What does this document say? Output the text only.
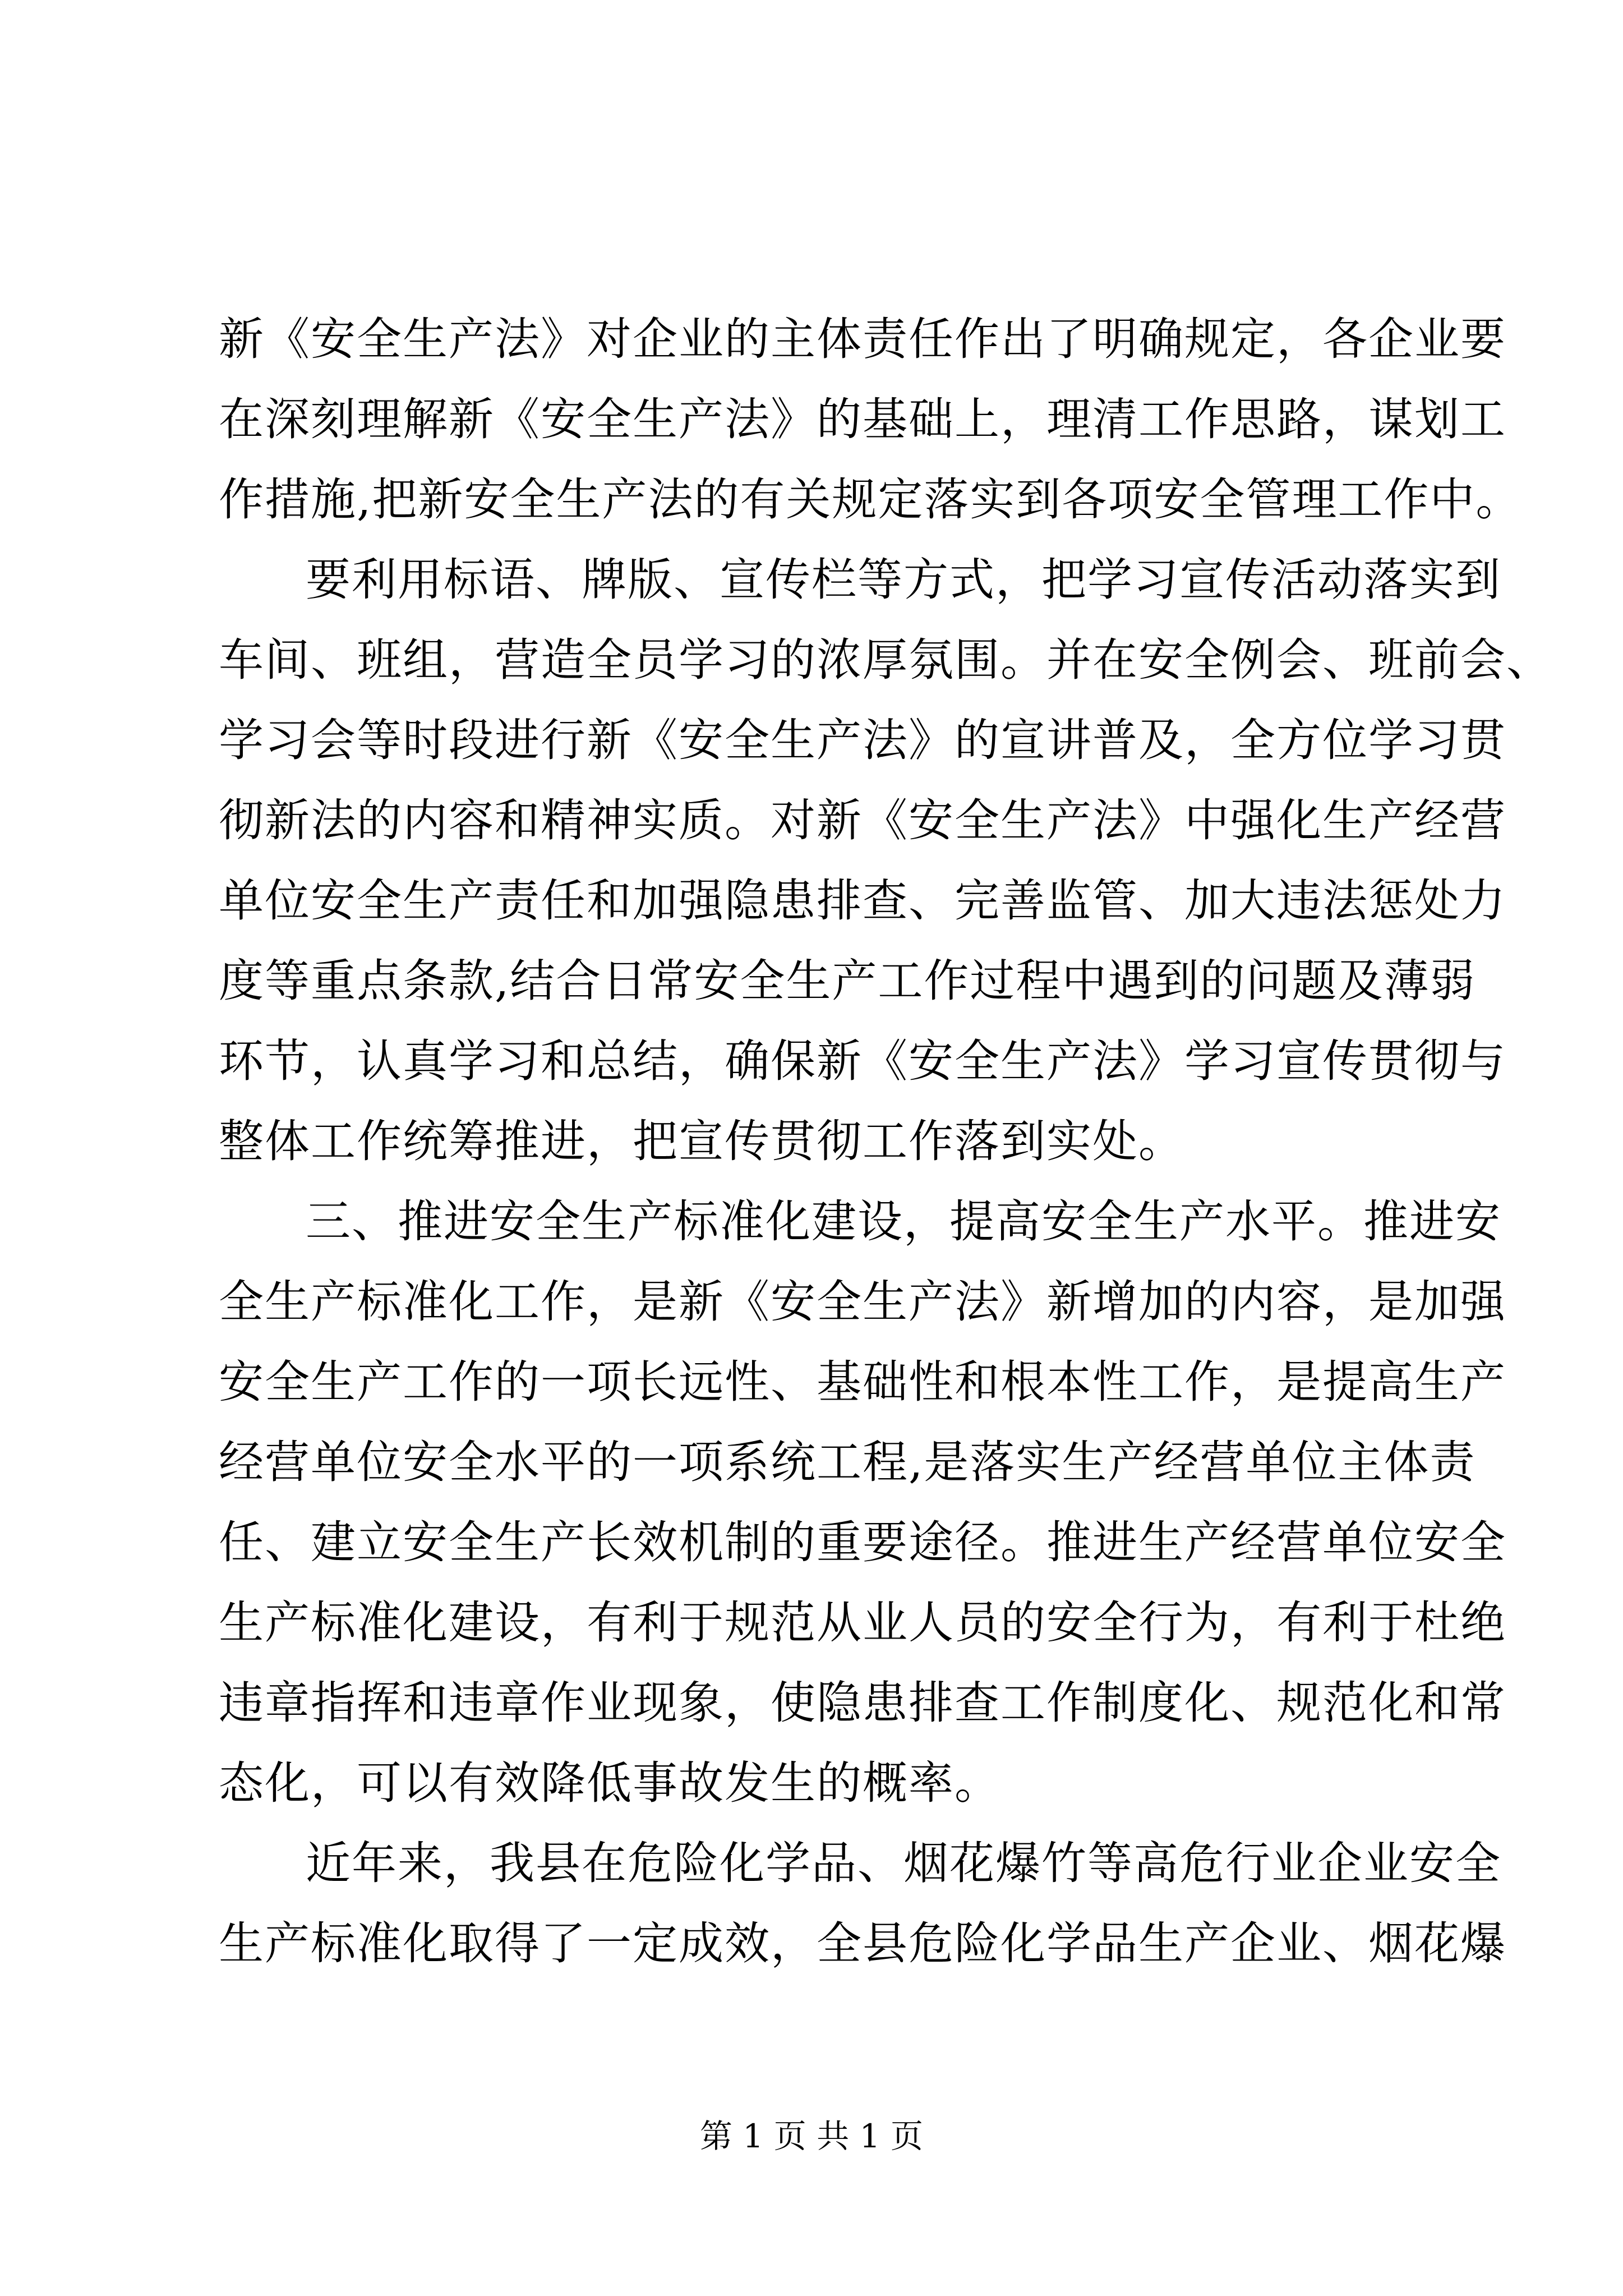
新《安全生产法》对企业的主体责任作出了明确规定，各企业要
在深刻理解新《安全生产法》的基础上，理清工作思路，谋划工
作措施,把新安全生产法的有关规定落实到各项安全管理工作中。
要利用标语、牌版、宣传栏等方式，把学习宣传活动落实到
车间、班组，营造全员学习的浓厚氛围。并在安全例会、班前会、
学习会等时段进行新《安全生产法》的宣讲普及，全方位学习贯
彻新法的内容和精神实质。对新《安全生产法》中强化生产经营
单位安全生产责任和加强隐患排查、完善监管、加大违法惩处力
度等重点条款,结合日常安全生产工作过程中遇到的问题及薄弱
环节，认真学习和总结，确保新《安全生产法》学习宣传贯彻与
整体工作统筹推进，把宣传贯彻工作落到实处。
三、推进安全生产标准化建设，提高安全生产水平。推进安
全生产标准化工作，是新《安全生产法》新增加的内容，是加强
安全生产工作的一项长远性、基础性和根本性工作，是提高生产
经营单位安全水平的一项系统工程,是落实生产经营单位主体责
任、建立安全生产长效机制的重要途径。推进生产经营单位安全
生产标准化建设，有利于规范从业人员的安全行为，有利于杜绝
违章指挥和违章作业现象，使隐患排查工作制度化、规范化和常
态化，可以有效降低事故发生的概率。
近年来，我县在危险化学品、烟花爆竹等高危行业企业安全
生产标准化取得了一定成效，全县危险化学品生产企业、烟花爆
第 1 页 共 1 页
